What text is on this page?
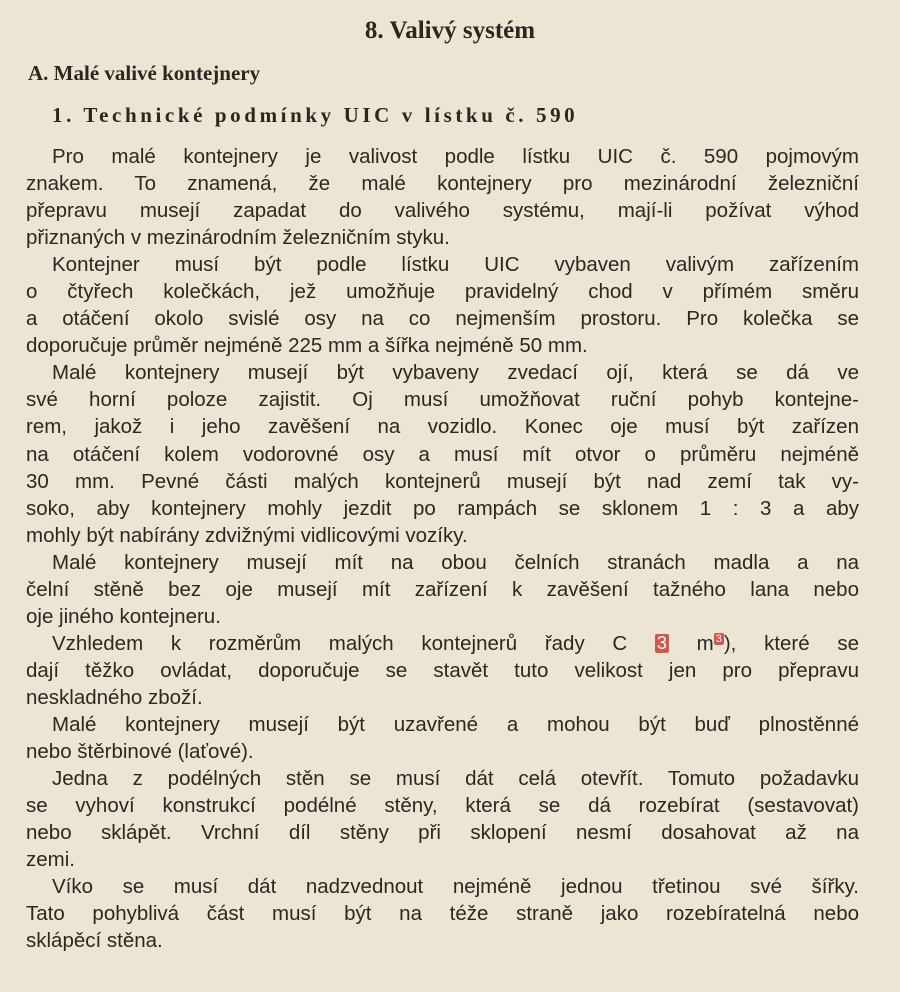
8. Valivý systém
A. Malé valivé kontejnery
1. Technické podmínky UIC v lístku č. 590
Pro malé kontejnery je valivost podle lístku UIC č. 590 pojmovým
znakem. To znamená, že malé kontejnery pro mezinárodní železniční
přepravu musejí zapadat do valivého systému, mají-li požívat výhod
přiznaných v mezinárodním železničním styku.
Kontejner musí být podle lístku UIC vybaven valivým zařízením
o čtyřech kolečkách, jež umožňuje pravidelný chod v přímém směru
a otáčení okolo svislé osy na co nejmenším prostoru. Pro kolečka se
doporučuje průměr nejméně 225 mm a šířka nejméně 50 mm.
Malé kontejnery musejí být vybaveny zvedací ojí, která se dá ve
své horní poloze zajistit. Oj musí umožňovat ruční pohyb kontejne-
rem, jakož i jeho zavěšení na vozidlo. Konec oje musí být zařízen
na otáčení kolem vodorovné osy a musí mít otvor o průměru nejméně
30 mm. Pevné části malých kontejnerů musejí být nad zemí tak vy-
soko, aby kontejnery mohly jezdit po rampách se sklonem 1 : 3 a aby
mohly být nabírány zdvižnými vidlicovými vozíky.
Malé kontejnery musejí mít na obou čelních stranách madla a na
čelní stěně bez oje musejí mít zařízení k zavěšení tažného lana nebo
oje jiného kontejneru.
Vzhledem k rozměrům malých kontejnerů řady C 3 m 3), které se
dají těžko ovládat, doporučuje se stavět tuto velikost jen pro přepravu
neskladného zboží.
Malé kontejnery musejí být uzavřené a mohou být buď plnostěnné
nebo štěrbinové (laťové).
Jedna z podélných stěn se musí dát celá otevřít. Tomuto požadavku
se vyhoví konstrukcí podélné stěny, která se dá rozebírat (sestavovat)
nebo sklápět. Vrchní díl stěny při sklopení nesmí dosahovat až na
zemi.
Víko se musí dát nadzvednout nejméně jednou třetinou své šířky.
Tato pohyblivá část musí být na téže straně jako rozebíratelná nebo
sklápěcí stěna.
